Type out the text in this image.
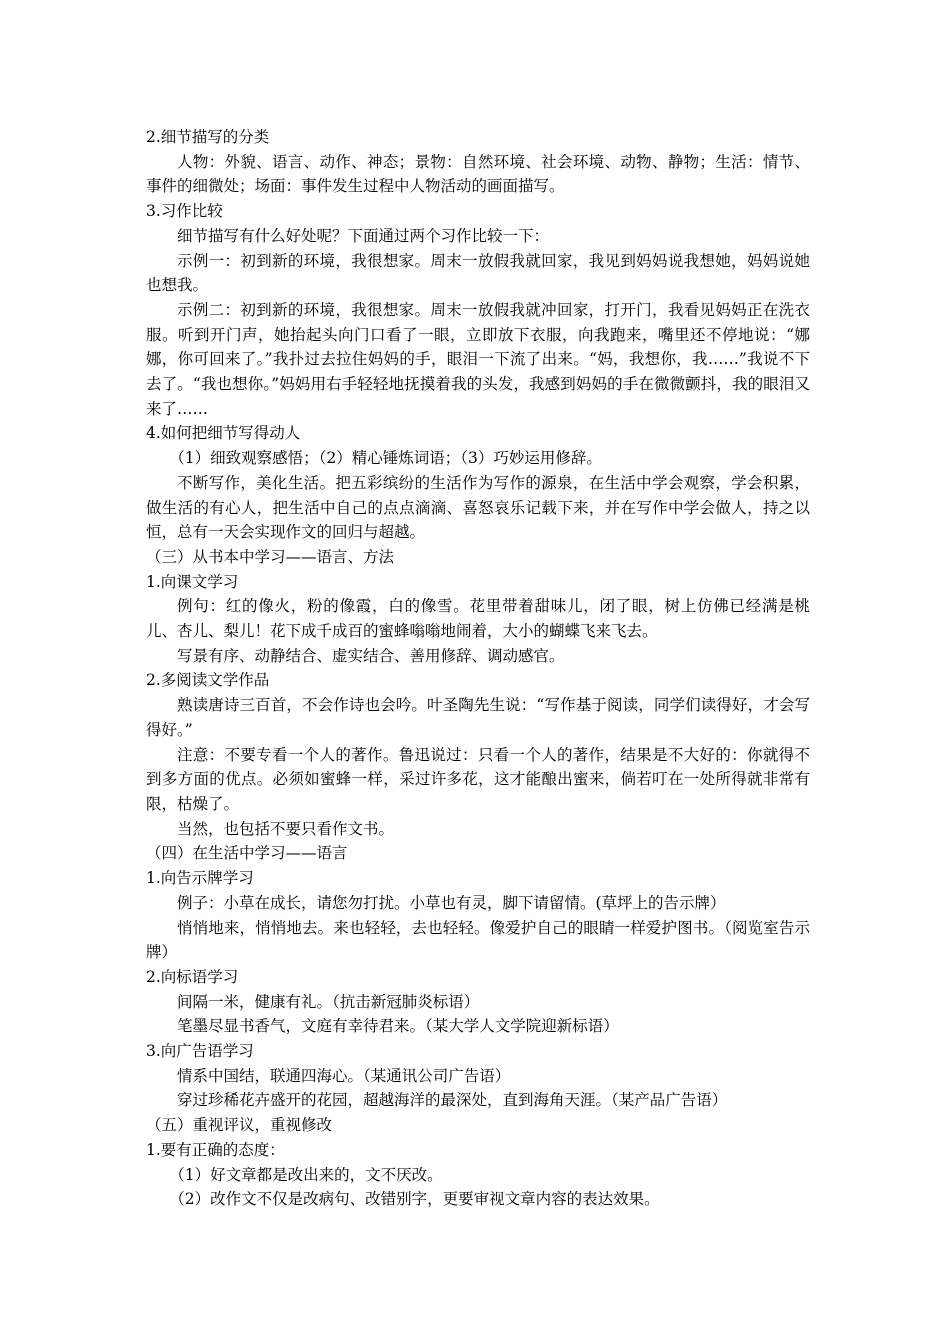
2.细节描写的分类

人物：外貌、语言、动作、神态；景物：自然环境、社会环境、动物、静物；生活：情节、事件的细微处；场面：事件发生过程中人物活动的画面描写。

3.习作比较

细节描写有什么好处呢？下面通过两个习作比较一下：

示例一：初到新的环境，我很想家。周末一放假我就回家，我见到妈妈说我想她，妈妈说她也想我。

示例二：初到新的环境，我很想家。周末一放假我就冲回家，打开门，我看见妈妈正在洗衣服。听到开门声，她抬起头向门口看了一眼，立即放下衣服，向我跑来，嘴里还不停地说：“娜娜，你可回来了。”我扑过去拉住妈妈的手，眼泪一下流了出来。“妈，我想你，我……”我说不下去了。“我也想你。”妈妈用右手轻轻地抚摸着我的头发，我感到妈妈的手在微微颤抖，我的眼泪又来了……

4.如何把细节写得动人

（1）细致观察感悟；（2）精心锤炼词语；（3）巧妙运用修辞。

不断写作，美化生活。把五彩缤纷的生活作为写作的源泉，在生活中学会观察，学会积累，做生活的有心人，把生活中自己的点点滴滴、喜怒哀乐记载下来，并在写作中学会做人，持之以恒，总有一天会实现作文的回归与超越。

（三）从书本中学习——语言、方法

1.向课文学习

例句：红的像火，粉的像霞，白的像雪。花里带着甜味儿，闭了眼，树上仿佛已经满是桃儿、杏儿、梨儿！花下成千成百的蜜蜂嗡嗡地闹着，大小的蝴蝶飞来飞去。

写景有序、动静结合、虚实结合、善用修辞、调动感官。

2.多阅读文学作品

熟读唐诗三百首，不会作诗也会吟。叶圣陶先生说：“写作基于阅读，同学们读得好，才会写得好。”

注意：不要专看一个人的著作。鲁迅说过：只看一个人的著作，结果是不大好的：你就得不到多方面的优点。必须如蜜蜂一样，采过许多花，这才能酿出蜜来，倘若叮在一处所得就非常有限，枯燥了。

当然，也包括不要只看作文书。

（四）在生活中学习——语言

1.向告示牌学习

例子：小草在成长，请您勿打扰。小草也有灵，脚下请留情。(草坪上的告示牌）

悄悄地来，悄悄地去。来也轻轻，去也轻轻。像爱护自己的眼睛一样爱护图书。（阅览室告示牌）

2.向标语学习

间隔一米，健康有礼。（抗击新冠肺炎标语）

笔墨尽显书香气，文庭有幸待君来。（某大学人文学院迎新标语）

3.向广告语学习

情系中国结，联通四海心。（某通讯公司广告语）

穿过珍稀花卉盛开的花园，超越海洋的最深处，直到海角天涯。（某产品广告语）

（五）重视评议，重视修改

1.要有正确的态度：

（1）好文章都是改出来的，文不厌改。

（2）改作文不仅是改病句、改错别字，更要审视文章内容的表达效果。
